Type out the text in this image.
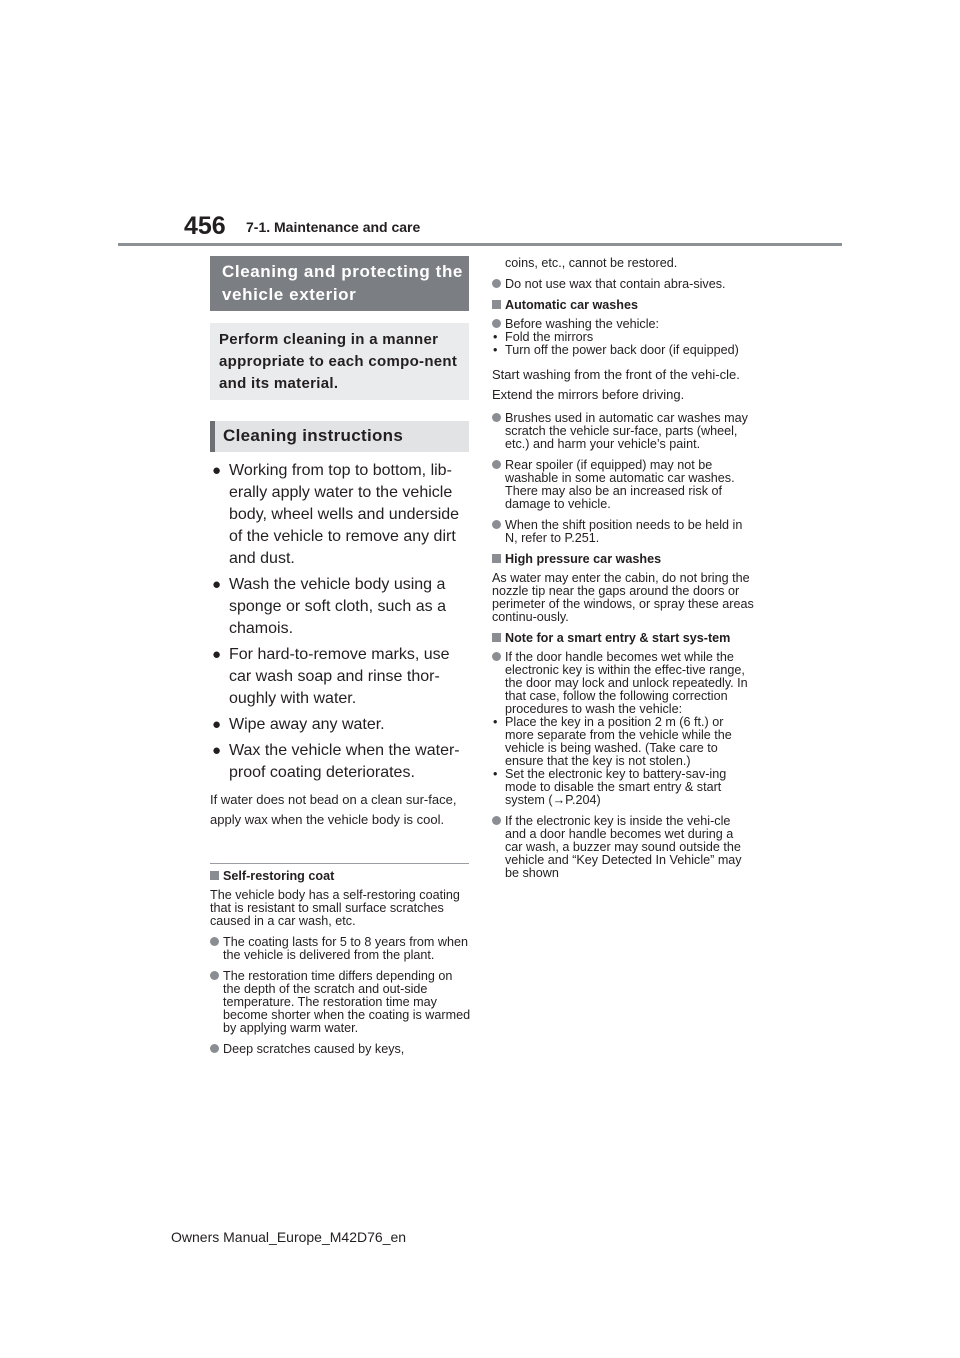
456 7-1. Maintenance and care
Cleaning and protecting the vehicle exterior
Perform cleaning in a manner appropriate to each compo-nent and its material.
Cleaning instructions
● Working from top to bottom, lib-erally apply water to the vehicle body, wheel wells and underside of the vehicle to remove any dirt and dust.
● Wash the vehicle body using a sponge or soft cloth, such as a chamois.
● For hard-to-remove marks, use car wash soap and rinse thor-oughly with water.
● Wipe away any water.
● Wax the vehicle when the water-proof coating deteriorates.
If water does not bead on a clean sur-face, apply wax when the vehicle body is cool.
Self-restoring coat
The vehicle body has a self-restoring coating that is resistant to small surface scratches caused in a car wash, etc.
The coating lasts for 5 to 8 years from when the vehicle is delivered from the plant.
The restoration time differs depending on the depth of the scratch and out-side temperature. The restoration time may become shorter when the coating is warmed by applying warm water.
Deep scratches caused by keys,
coins, etc., cannot be restored.
Do not use wax that contain abra-sives.
Automatic car washes
Before washing the vehicle:
• Fold the mirrors
• Turn off the power back door (if equipped)
Start washing from the front of the vehi-cle. Extend the mirrors before driving.
Brushes used in automatic car washes may scratch the vehicle sur-face, parts (wheel, etc.) and harm your vehicle’s paint.
Rear spoiler (if equipped) may not be washable in some automatic car washes. There may also be an increased risk of damage to vehicle.
When the shift position needs to be held in N, refer to P.251.
High pressure car washes
As water may enter the cabin, do not bring the nozzle tip near the gaps around the doors or perimeter of the windows, or spray these areas continu-ously.
Note for a smart entry & start sys-tem
If the door handle becomes wet while the electronic key is within the effec-tive range, the door may lock and unlock repeatedly. In that case, follow the following correction procedures to wash the vehicle:
• Place the key in a position 2 m (6 ft.) or more separate from the vehicle while the vehicle is being washed. (Take care to ensure that the key is not stolen.)
• Set the electronic key to battery-sav-ing mode to disable the smart entry & start system (→P.204)
If the electronic key is inside the vehi-cle and a door handle becomes wet during a car wash, a buzzer may sound outside the vehicle and “Key Detected In Vehicle” may be shown
Owners Manual_Europe_M42D76_en
